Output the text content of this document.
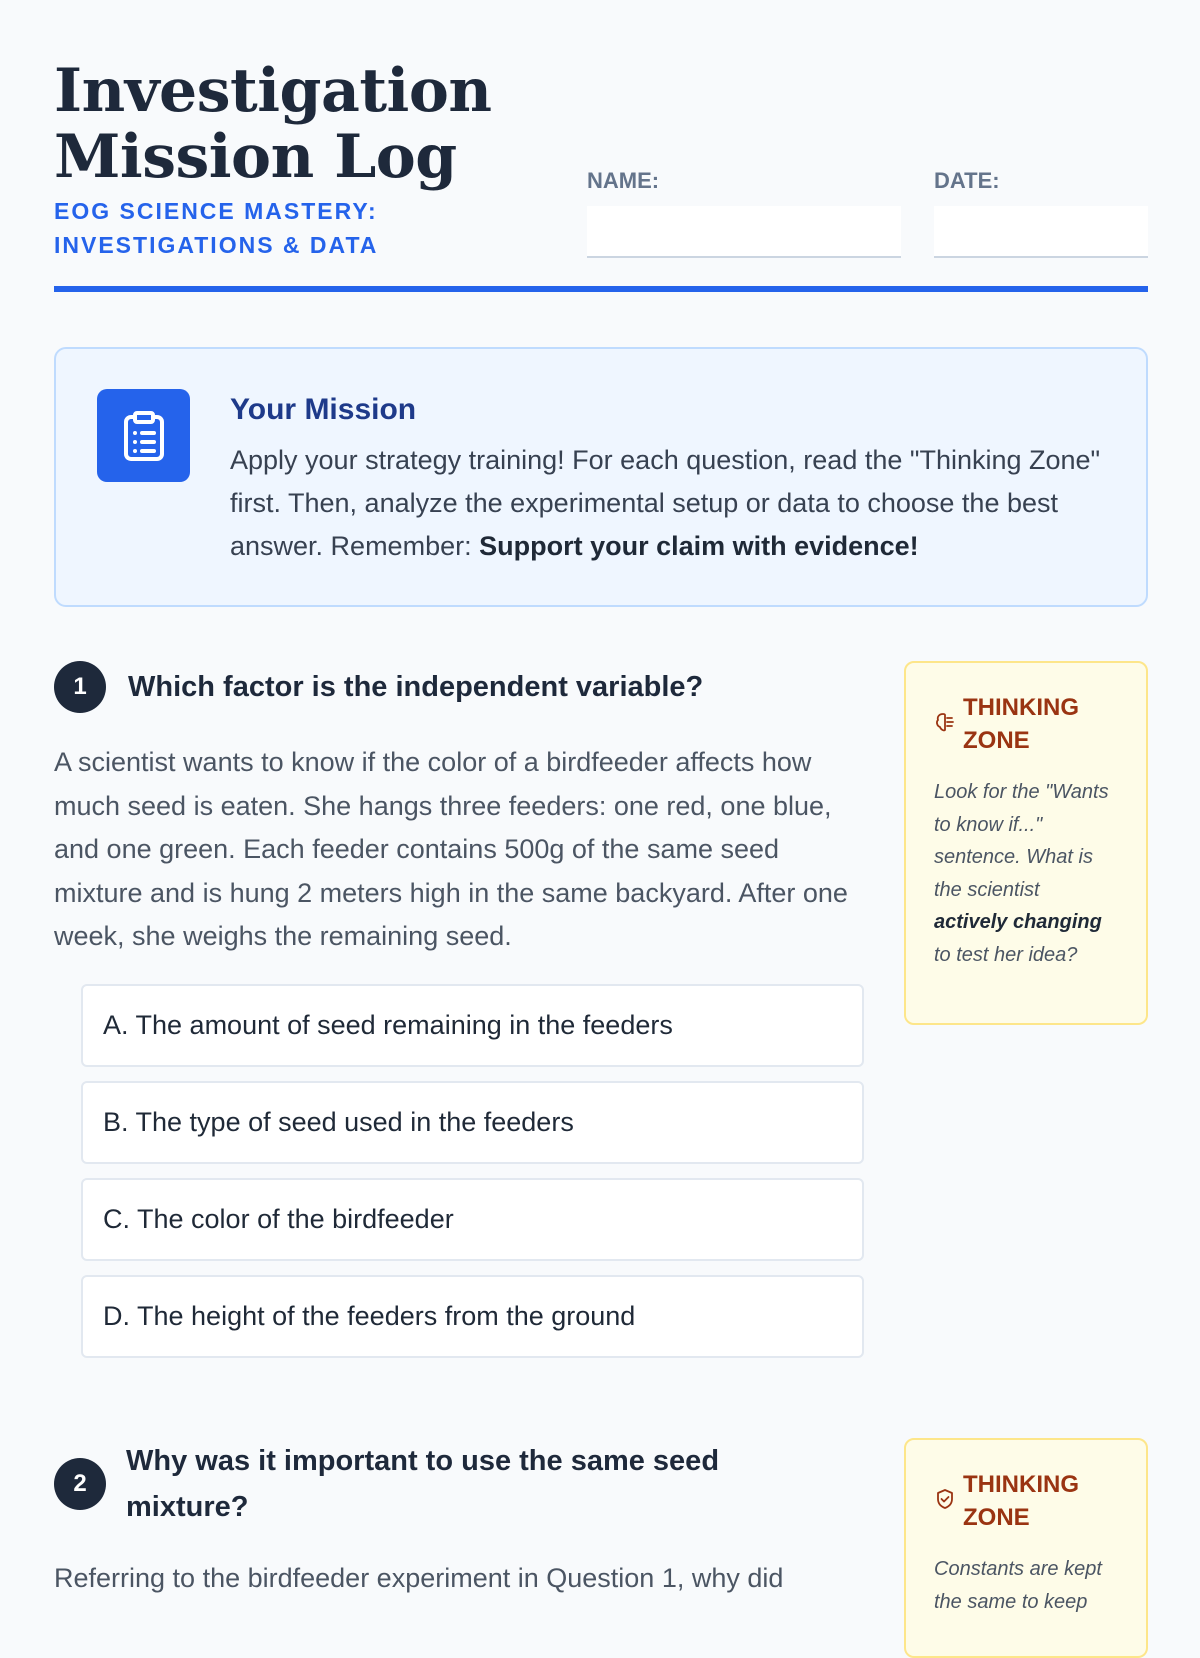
Investigation
Mission Log
EOG SCIENCE MASTERY:
INVESTIGATIONS & DATA
NAME:	DATE:
Your Mission
Apply your strategy training! For each question, read the "Thinking Zone" first. Then, analyze the experimental setup or data to choose the best answer. Remember: Support your claim with evidence!
1	Which factor is the independent variable?
A scientist wants to know if the color of a birdfeeder affects how much seed is eaten. She hangs three feeders: one red, one blue, and one green. Each feeder contains 500g of the same seed mixture and is hung 2 meters high in the same backyard. After one week, she weighs the remaining seed.
A. The amount of seed remaining in the feeders
B. The type of seed used in the feeders
C. The color of the birdfeeder
D. The height of the feeders from the ground
THINKING ZONE
Look for the "Wants to know if..." sentence. What is the scientist actively changing to test her idea?
2
Why was it important to use the same seed mixture?
Referring to the birdfeeder experiment in Question 1, why did
THINKING ZONE
Constants are kept the same to keep
